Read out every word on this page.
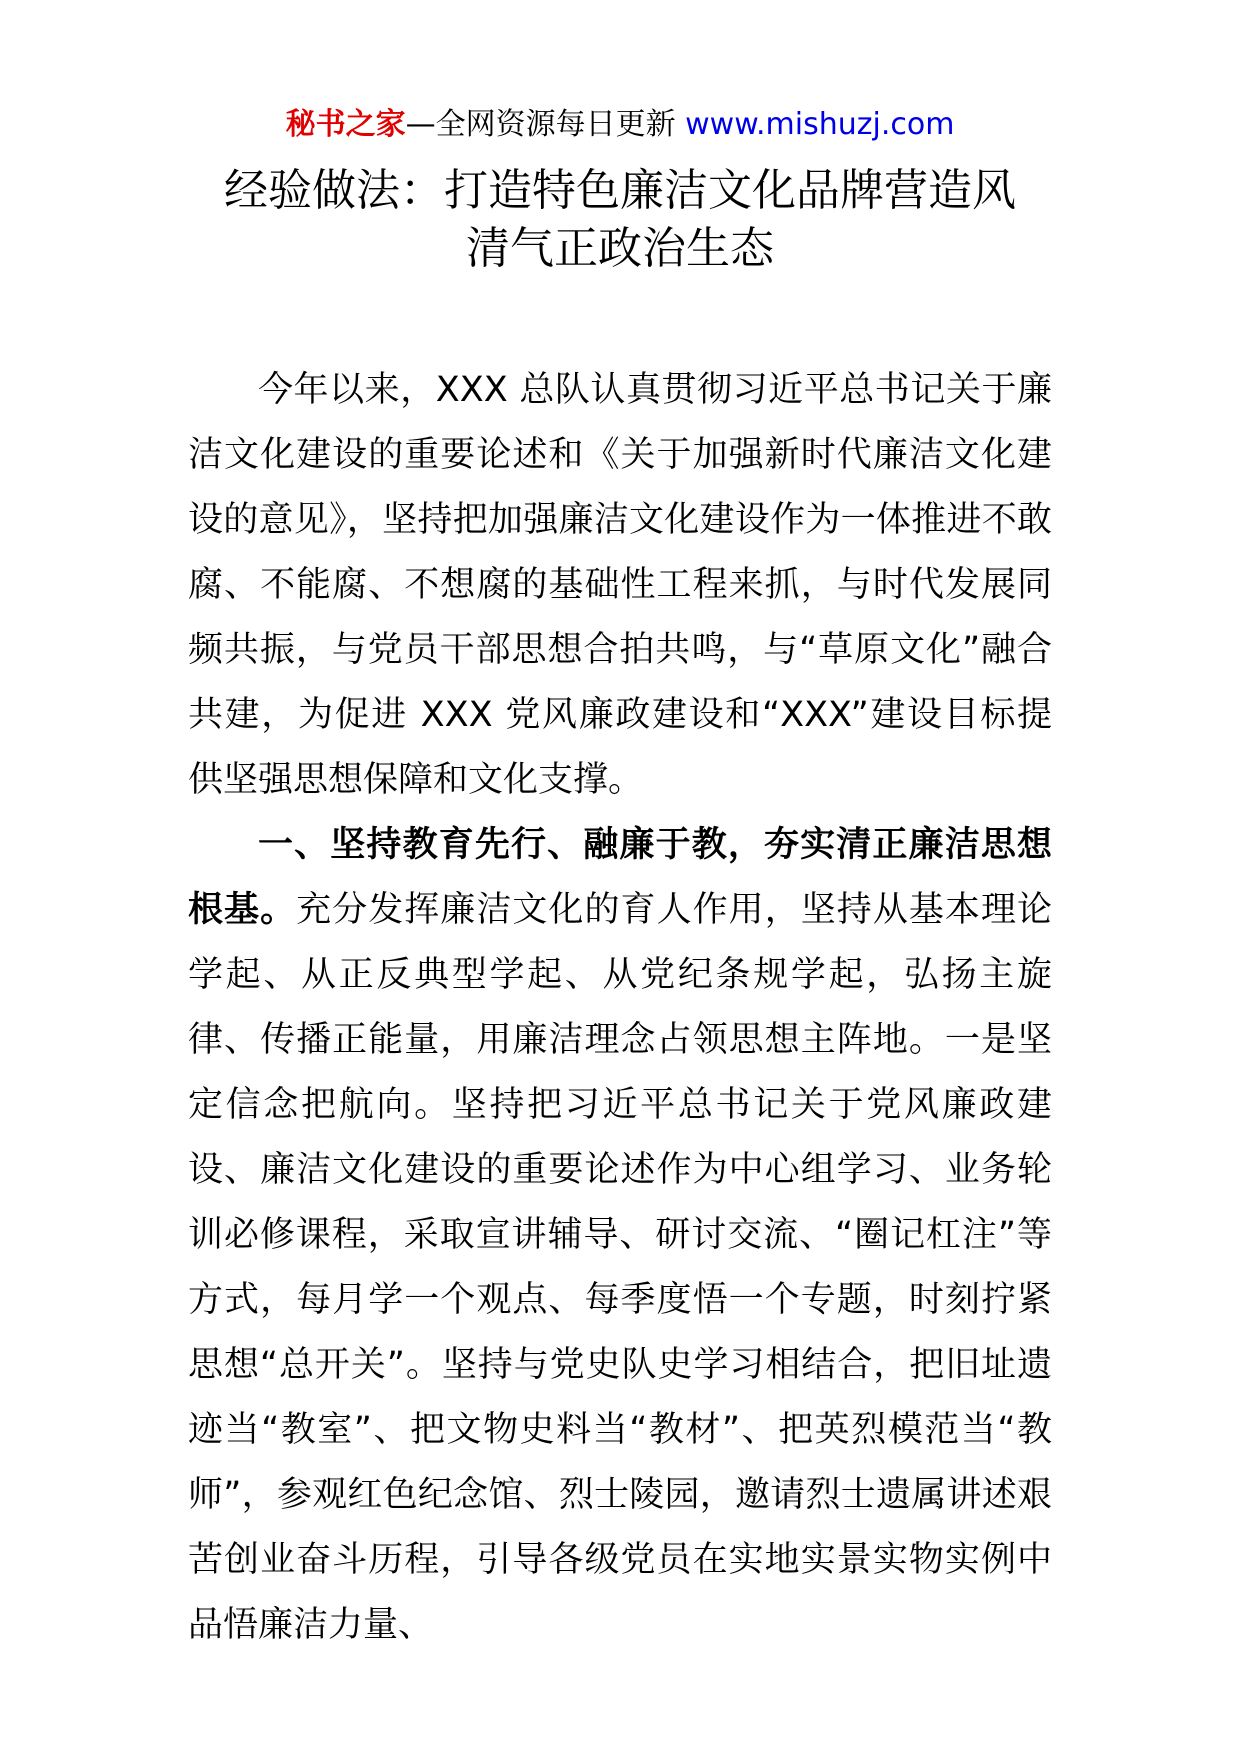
秘书之家—全网资源每日更新 www.mishuzj.com
经验做法：打造特色廉洁文化品牌营造风
清气正政治生态

今年以来，XXX 总队认真贯彻习近平总书记关于廉洁文化建设的重要论述和《关于加强新时代廉洁文化建设的意见》，坚持把加强廉洁文化建设作为一体推进不敢腐、不能腐、不想腐的基础性工程来抓，与时代发展同频共振，与党员干部思想合拍共鸣，与“草原文化”融合共建，为促进 XXX 党风廉政建设和“XXX”建设目标提供坚强思想保障和文化支撑。

一、坚持教育先行、融廉于教，夯实清正廉洁思想根基。充分发挥廉洁文化的育人作用，坚持从基本理论学起、从正反典型学起、从党纪条规学起，弘扬主旋律、传播正能量，用廉洁理念占领思想主阵地。一是坚定信念把航向。坚持把习近平总书记关于党风廉政建设、廉洁文化建设的重要论述作为中心组学习、业务轮训必修课程，采取宣讲辅导、研讨交流、“圈记杠注”等方式，每月学一个观点、每季度悟一个专题，时刻拧紧思想“总开关”。坚持与党史队史学习相结合，把旧址遗迹当“教室”、把文物史料当“教材”、把英烈模范当“教师”，参观红色纪念馆、烈士陵园，邀请烈士遗属讲述艰苦创业奋斗历程，引导各级党员在实地实景实物实例中品悟廉洁力量、
